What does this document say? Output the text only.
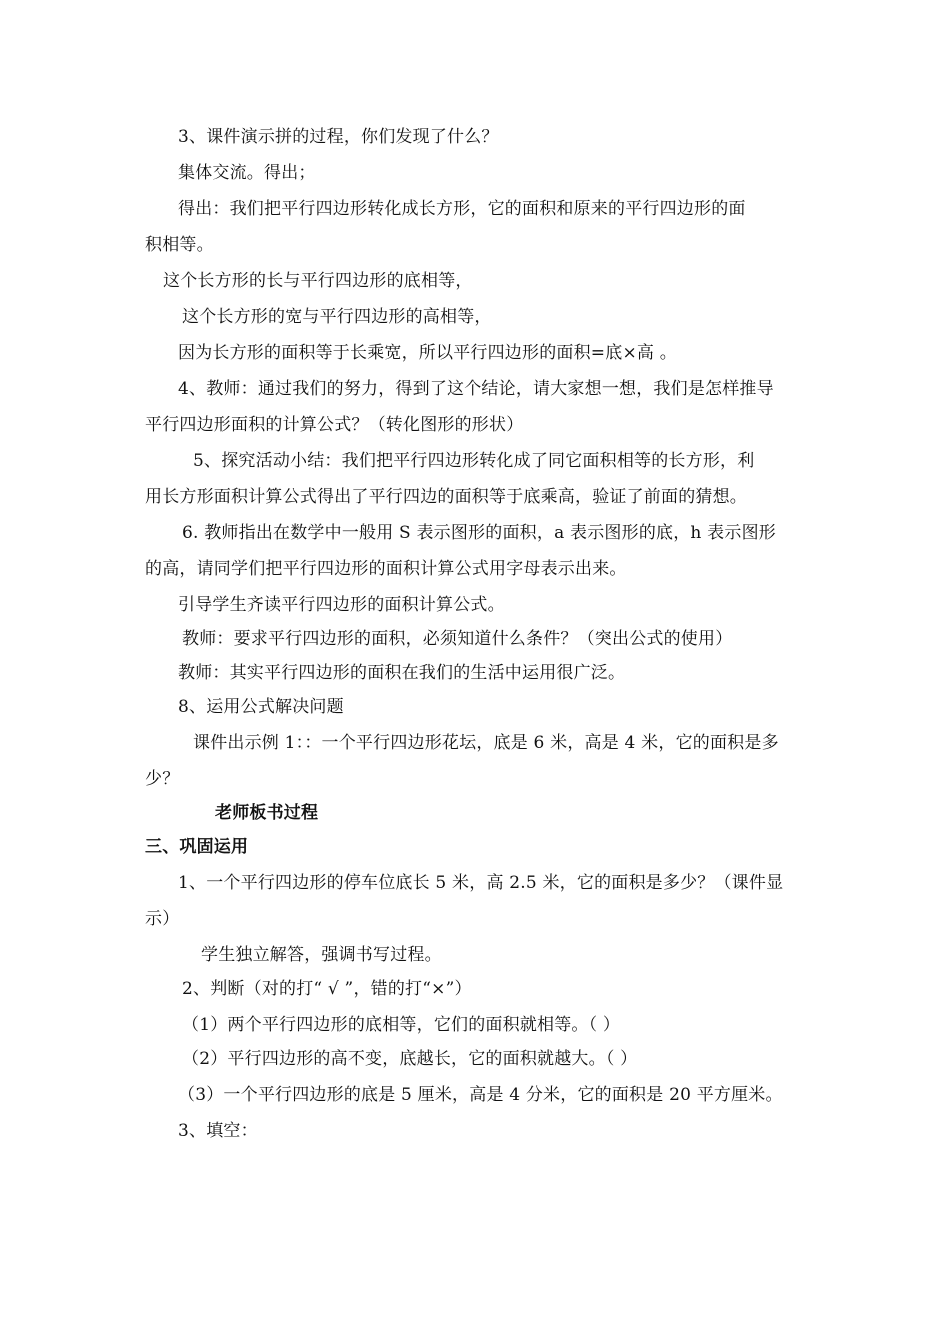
3、课件演示拼的过程，你们发现了什么？
集体交流。得出；
得出：我们把平行四边形转化成长方形，它的面积和原来的平行四边形的面
积相等。
这个长方形的长与平行四边形的底相等，
这个长方形的宽与平行四边形的高相等，
因为长方形的面积等于长乘宽，所以平行四边形的面积=底×高 。
4、教师：通过我们的努力，得到了这个结论，请大家想一想，我们是怎样推导
平行四边形面积的计算公式？（转化图形的形状）
5、探究活动小结：我们把平行四边形转化成了同它面积相等的长方形，利
用长方形面积计算公式得出了平行四边的面积等于底乘高，验证了前面的猜想。
6. 教师指出在数学中一般用 S 表示图形的面积，a 表示图形的底，h 表示图形
的高，请同学们把平行四边形的面积计算公式用字母表示出来。
引导学生齐读平行四边形的面积计算公式。
教师：要求平行四边形的面积，必须知道什么条件？（突出公式的使用）
教师：其实平行四边形的面积在我们的生活中运用很广泛。
8、运用公式解决问题
课件出示例 1：：一个平行四边形花坛，底是 6 米，高是 4 米，它的面积是多
少？
老师板书过程
三、巩固运用
1、一个平行四边形的停车位底长 5 米，高 2.5 米，它的面积是多少？（课件显
示）
学生独立解答，强调书写过程。
2、判断（对的打“ √ ”，错的打“×”）
（1）两个平行四边形的底相等，它们的面积就相等。（ ）
（2）平行四边形的高不变，底越长，它的面积就越大。（ ）
（3）一个平行四边形的底是 5 厘米，高是 4 分米，它的面积是 20 平方厘米。
3、填空：
